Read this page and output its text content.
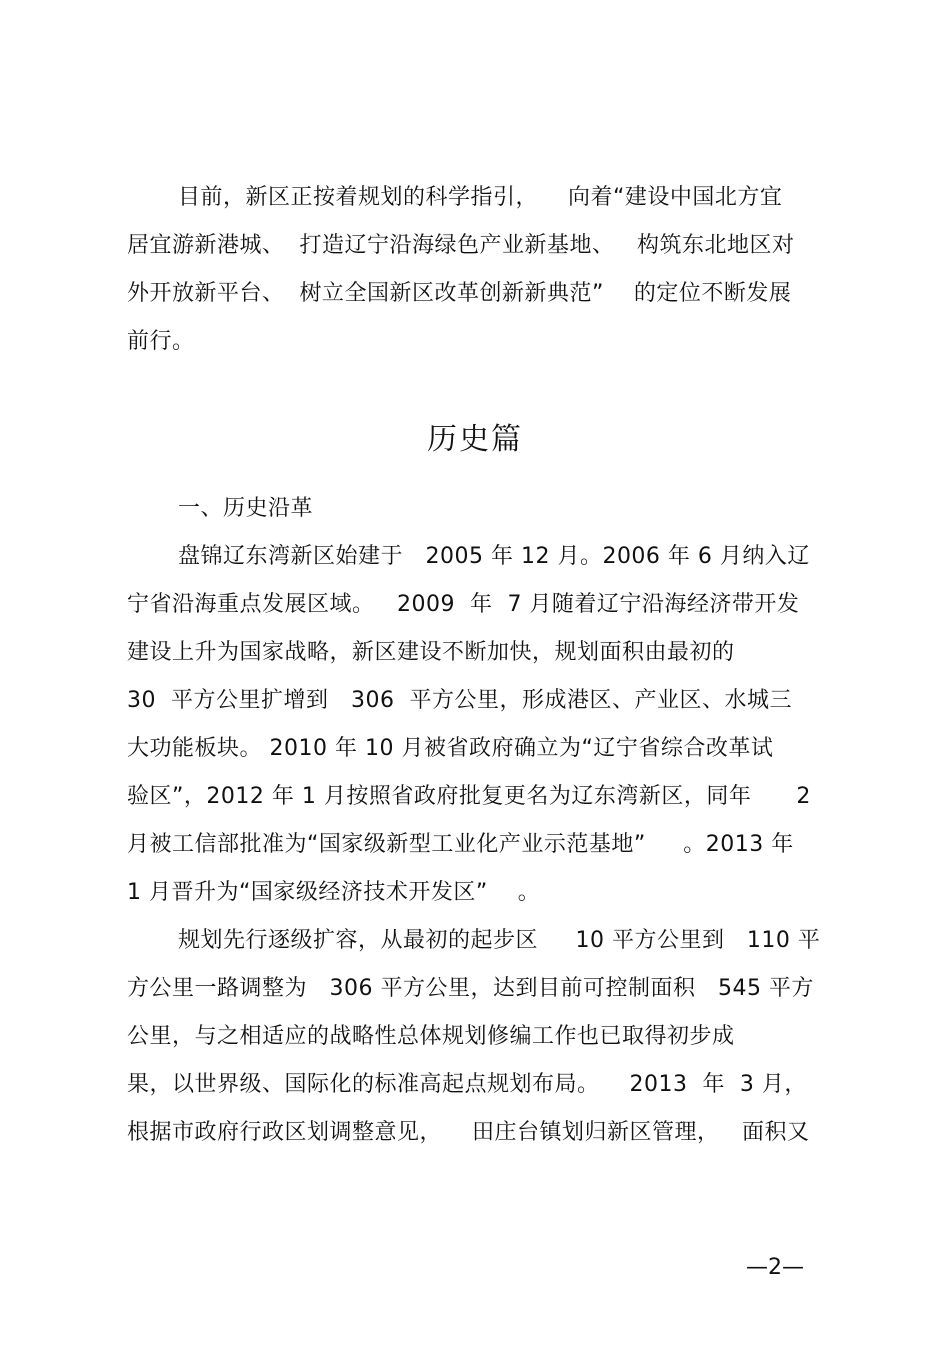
目前，新区正按着规划的科学指引，    向着“建设中国北方宜
居宜游新港城、  打造辽宁沿海绿色产业新基地、   构筑东北地区对
外开放新平台、  树立全国新区改革创新新典范”    的定位不断发展
前行。
历史篇
一、历史沿革
盘锦辽东湾新区始建于   2005 年 12 月。2006 年 6 月纳入辽
宁省沿海重点发展区域。   2009  年  7 月随着辽宁沿海经济带开发
建设上升为国家战略，新区建设不断加快，规划面积由最初的
30  平方公里扩增到   306  平方公里，形成港区、产业区、水城三
大功能板块。 2010 年 10 月被省政府确立为“辽宁省综合改革试
验区”，2012 年 1 月按照省政府批复更名为辽东湾新区，同年      2
月被工信部批准为“国家级新型工业化产业示范基地”     。2013 年
1 月晋升为“国家级经济技术开发区”    。
规划先行逐级扩容，从最初的起步区     10 平方公里到   110 平
方公里一路调整为   306 平方公里，达到目前可控制面积   545 平方
公里，与之相适应的战略性总体规划修编工作也已取得初步成
果，以世界级、国际化的标准高起点规划布局。    2013  年  3 月，
根据市政府行政区划调整意见，    田庄台镇划归新区管理，   面积又
—2—
